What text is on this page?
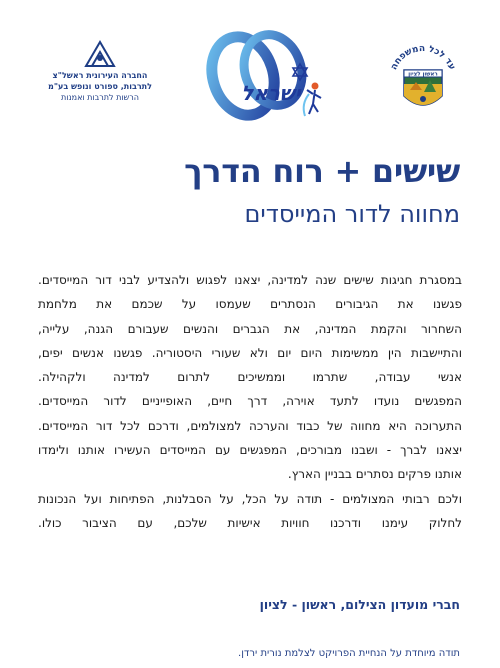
עד לכל המשפחה
ראשון לציון
ישראל
החברה העירונית ראשל"צ
לתרבות, ספורט ונופש בע"מ
הרשות לתרבות ואמנות
שישים + רוח הדרך
מחווה לדור המייסדים
במסגרת חגיגות שישים שנה למדינה, יצאנו לפגוש ולהצדיע לבני דור המייסדים.
פגשנו את הגיבורים הנסתרים שעמסו על שכמם את מלחמת
השחרור והקמת המדינה, את הגברים והנשים שעבורם הגנה, עלייה,
והתיישבות הין ממשימות היום יום ולא שעורי היסטוריה. פגשנו אנשים יפים,
אנשי עבודה, שתרמו וממשיכים לתרום למדינה ולקהילה.
המפגשים נועדו לתעד אוירה, דרך חיים, האופייניים לדור המייסדים.
התערוכה היא מחווה של כבוד והערכה למצולמים, ודרכם לכל דור המייסדים.
יצאנו לברך - ושבנו מבורכים, המפגשים עם המייסדים העשירו אותנו ולימדו
אותנו פרקים נסתרים בבניין הארץ.
ולכם רבותי המצולמים - תודה על הכל, על הסבלנות, הפתיחות ועל הנכונות
לחלוק עימנו ודרכנו חוויות אישיות שלכם, עם הציבור כולו.

חברי מועדון הצילום, ראשון - לציון

תודה מיוחדת על הנחיית הפרויקט לצלמת נורית ירדן.
